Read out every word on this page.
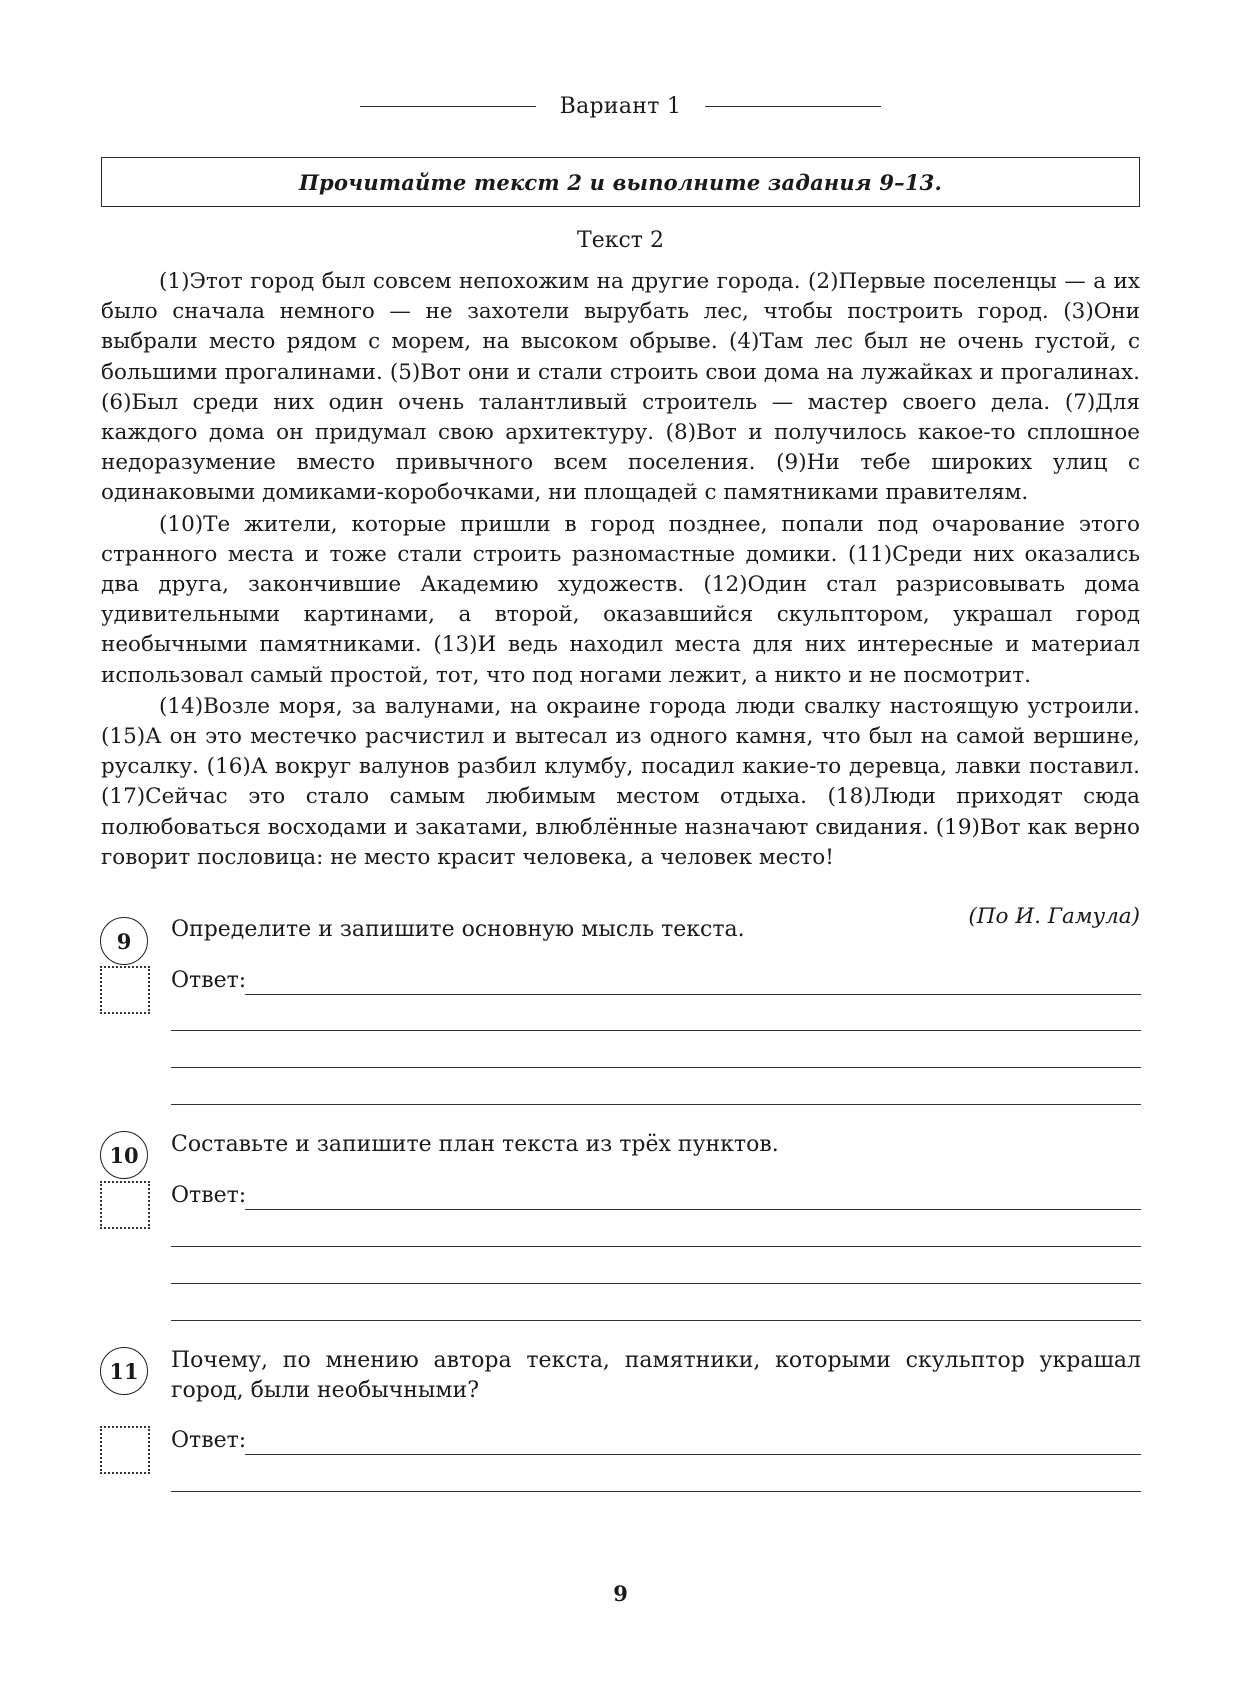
Вариант 1
Прочитайте текст 2 и выполните задания 9–13.
Текст 2

(1)Этот город был совсем непохожим на другие города. (2)Первые поселенцы — а их было сначала немного — не захотели вырубать лес, чтобы построить город. (3)Они выбрали место рядом с морем, на высоком обрыве. (4)Там лес был не очень густой, с большими прогалинами. (5)Вот они и стали строить свои дома на лужайках и прогалинах. (6)Был среди них один очень талантливый строитель — мастер своего дела. (7)Для каждого дома он придумал свою архитектуру. (8)Вот и получилось какое-то сплошное недоразумение вместо привычного всем поселения. (9)Ни тебе широких улиц с одинаковыми домиками-коробочками, ни площадей с памятниками правителям.

(10)Те жители, которые пришли в город позднее, попали под очарование этого странного места и тоже стали строить разномастные домики. (11)Среди них оказались два друга, закончившие Академию художеств. (12)Один стал разрисовывать дома удивительными картинами, а второй, оказавшийся скульптором, украшал город необычными памятниками. (13)И ведь находил места для них интересные и материал использовал самый простой, тот, что под ногами лежит, а никто и не посмотрит.

(14)Возле моря, за валунами, на окраине города люди свалку настоящую устроили. (15)А он это местечко расчистил и вытесал из одного камня, что был на самой вершине, русалку. (16)А вокруг валунов разбил клумбу, посадил какие-то деревца, лавки поставил. (17)Сейчас это стало самым любимым местом отдыха. (18)Люди приходят сюда полюбоваться восходами и закатами, влюблённые назначают свидания. (19)Вот как верно говорит пословица: не место красит человека, а человек место!

(По И. Гамула)
9	Определите и запишите основную мысль текста.
Ответ:
10	Составьте и запишите план текста из трёх пунктов.
Ответ:
11	Почему, по мнению автора текста, памятники, которыми скульптор украшал город, были необычными?
Ответ:
9
